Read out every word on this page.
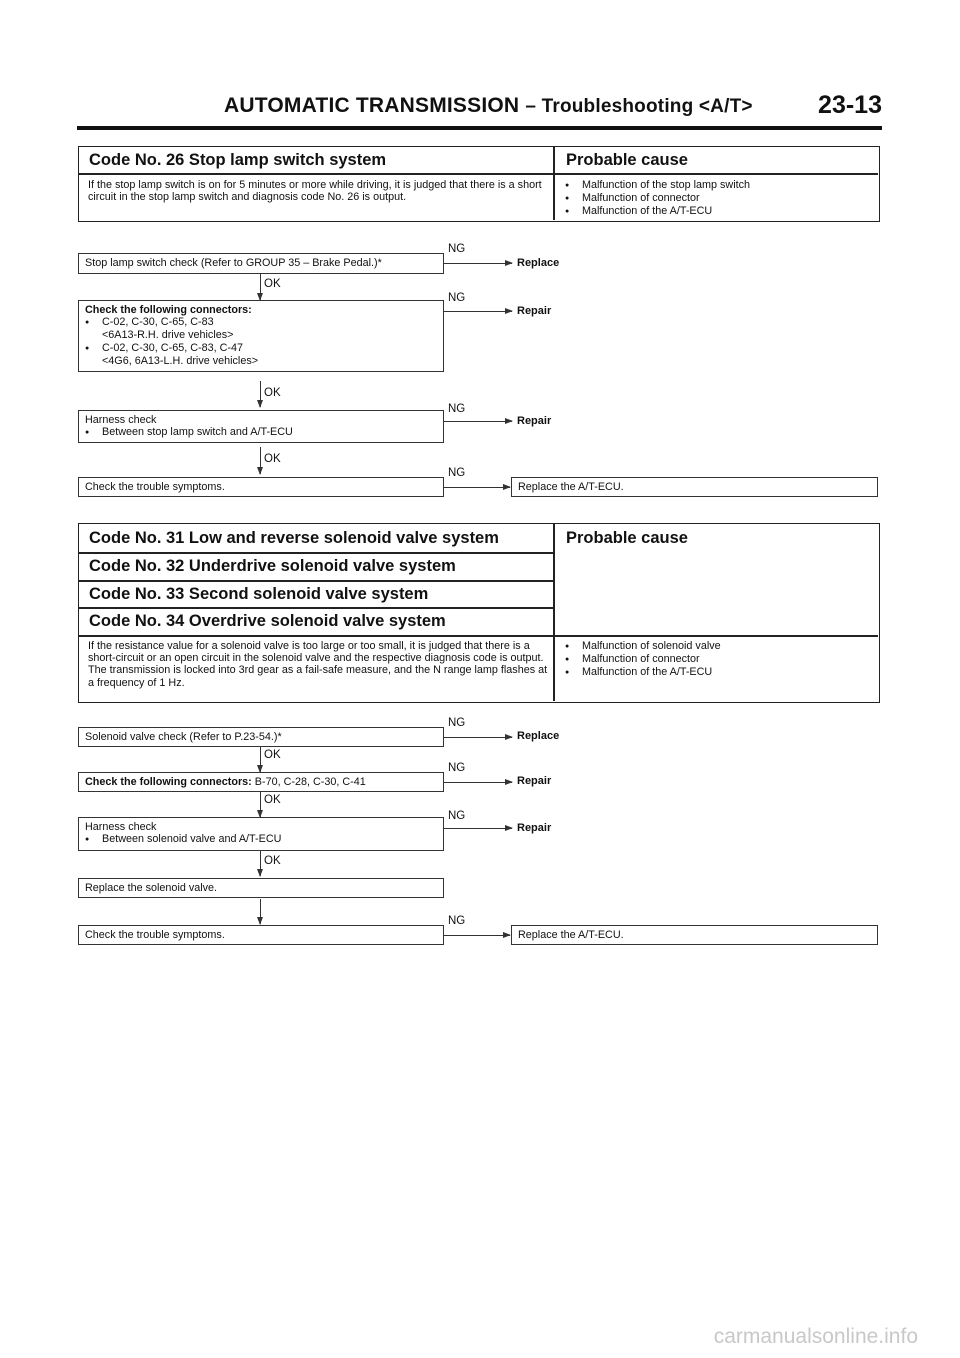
AUTOMATIC TRANSMISSION – Troubleshooting <A/T>	23-13
Code No. 26 Stop lamp switch system	Probable cause
If the stop lamp switch is on for 5 minutes or more while driving, it is judged that there is a short circuit in the stop lamp switch and diagnosis code No. 26 is output.
● Malfunction of the stop lamp switch
● Malfunction of connector
● Malfunction of the A/T-ECU
Stop lamp switch check (Refer to GROUP 35 – Brake Pedal.)*
NG
Replace
OK
Check the following connectors:
● C-02, C-30, C-65, C-83
<6A13-R.H. drive vehicles>
● C-02, C-30, C-65, C-83, C-47
<4G6, 6A13-L.H. drive vehicles>
NG
Repair
OK
Harness check
● Between stop lamp switch and A/T-ECU
NG
Repair
OK
Check the trouble symptoms.
NG
Replace the A/T-ECU.
Code No. 31 Low and reverse solenoid valve system
Code No. 32 Underdrive solenoid valve system
Code No. 33 Second solenoid valve system
Code No. 34 Overdrive solenoid valve system
Probable cause
If the resistance value for a solenoid valve is too large or too small, it is judged that there is a short-circuit or an open circuit in the solenoid valve and the respective diagnosis code is output. The transmission is locked into 3rd gear as a fail-safe measure, and the N range lamp flashes at a frequency of 1 Hz.
● Malfunction of solenoid valve
● Malfunction of connector
● Malfunction of the A/T-ECU
Solenoid valve check (Refer to P.23-54.)*
NG
Replace
OK
Check the following connectors: B-70, C-28, C-30, C-41
NG
Repair
OK
Harness check
● Between solenoid valve and A/T-ECU
NG
Repair
OK
Replace the solenoid valve.
Check the trouble symptoms.
NG
Replace the A/T-ECU.
carmanualsonline.info
